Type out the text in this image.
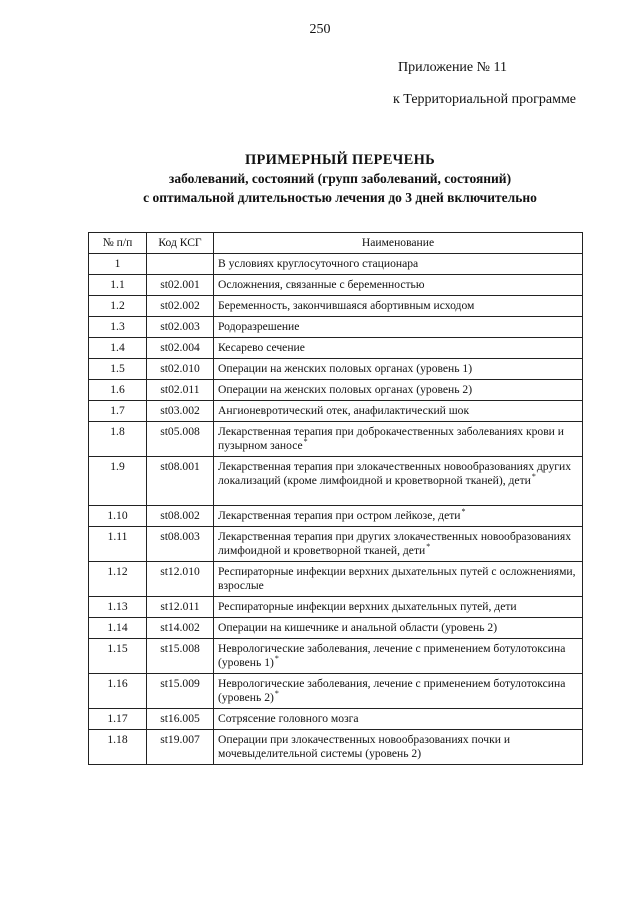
250
Приложение № 11
к Территориальной программе
ПРИМЕРНЫЙ ПЕРЕЧЕНЬ
заболеваний, состояний (групп заболеваний, состояний)
с оптимальной длительностью лечения до 3 дней включительно
№ п/п	Код КСГ	Наименование
1		В условиях круглосуточного стационара
1.1	st02.001	Осложнения, связанные с беременностью
1.2	st02.002	Беременность, закончившаяся абортивным исходом
1.3	st02.003	Родоразрешение
1.4	st02.004	Кесарево сечение
1.5	st02.010	Операции на женских половых органах (уровень 1)
1.6	st02.011	Операции на женских половых органах (уровень 2)
1.7	st03.002	Ангионевротический отек, анафилактический шок
1.8	st05.008	Лекарственная терапия при доброкачественных заболеваниях крови и пузырном заносе*
1.9	st08.001	Лекарственная терапия при злокачественных новообразованиях других локализаций (кроме лимфоидной и кроветворной тканей), дети*
1.10	st08.002	Лекарственная терапия при остром лейкозе, дети*
1.11	st08.003	Лекарственная терапия при других злокачественных новообразованиях лимфоидной и кроветворной тканей, дети*
1.12	st12.010	Респираторные инфекции верхних дыхательных путей с осложнениями, взрослые
1.13	st12.011	Респираторные инфекции верхних дыхательных путей, дети
1.14	st14.002	Операции на кишечнике и анальной области (уровень 2)
1.15	st15.008	Неврологические заболевания, лечение с применением ботулотоксина (уровень 1)*
1.16	st15.009	Неврологические заболевания, лечение с применением ботулотоксина (уровень 2)*
1.17	st16.005	Сотрясение головного мозга
1.18	st19.007	Операции при злокачественных новообразованиях почки и мочевыделительной системы (уровень 2)
